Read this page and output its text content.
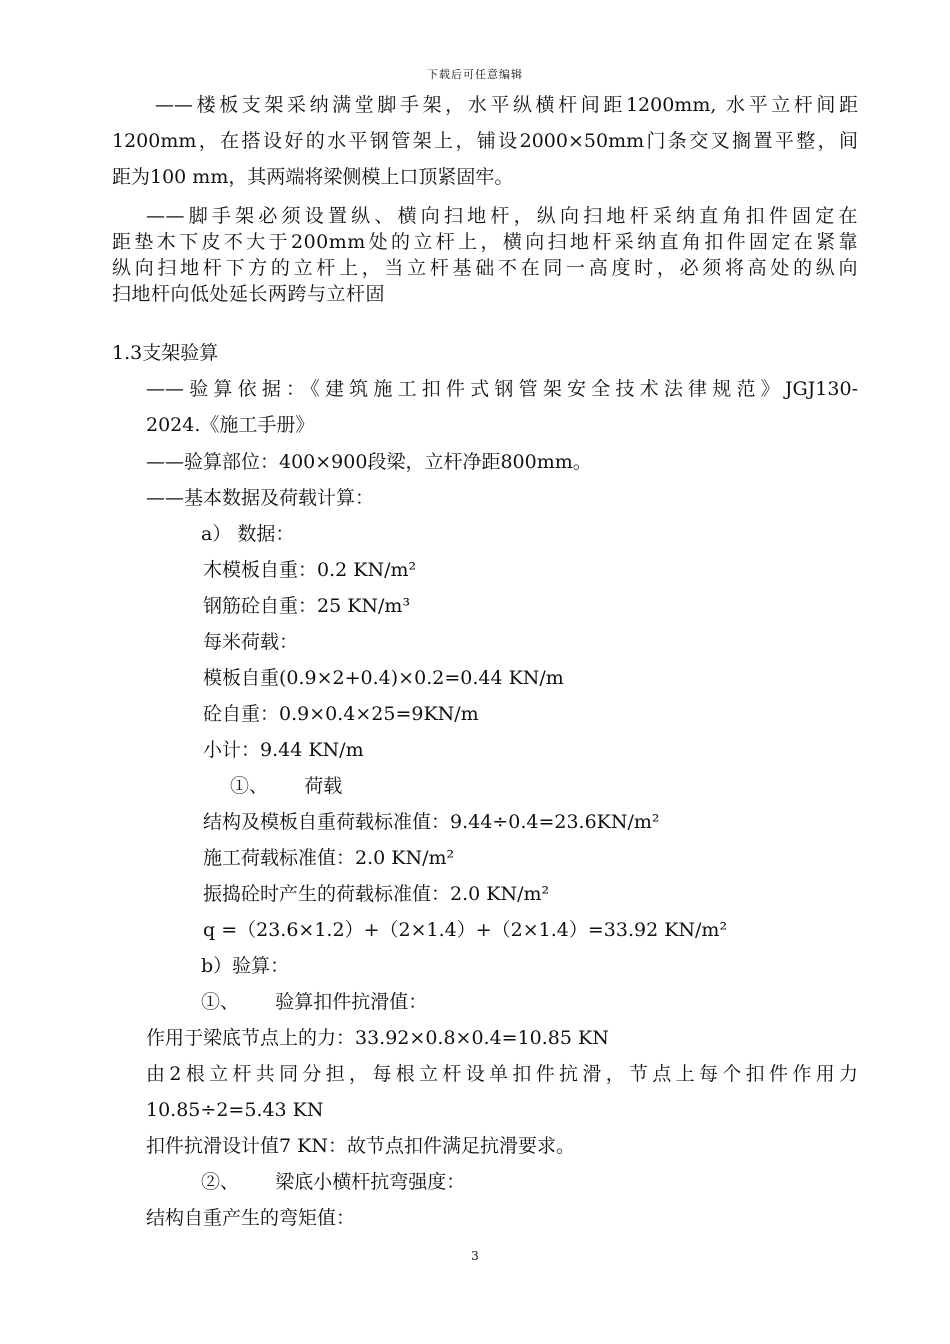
下载后可任意编辑
——楼板支架采纳满堂脚手架，水平纵横杆间距1200mm, 水平立杆间距
1200mm，在搭设好的水平钢管架上，铺设2000×50mm门条交叉搁置平整，间
距为100 mm，其两端将梁侧模上口顶紧固牢。
——脚手架必须设置纵、横向扫地杆，纵向扫地杆采纳直角扣件固定在
距垫木下皮不大于200mm处的立杆上，横向扫地杆采纳直角扣件固定在紧靠
纵向扫地杆下方的立杆上，当立杆基础不在同一高度时，必须将高处的纵向
扫地杆向低处延长两跨与立杆固
1.3支架验算
——验算依据：《建筑施工扣件式钢管架安全技术法律规范》JGJ130-
2024.《施工手册》
——验算部位：400×900段梁，立杆净距800mm。
——基本数据及荷载计算：
a） 数据：
木模板自重：0.2 KN/m²
钢筋砼自重：25 KN/m³
每米荷载：
模板自重(0.9×2+0.4)×0.2=0.44 KN/m
砼自重：0.9×0.4×25=9KN/m
小计：9.44 KN/m
①、      荷载
结构及模板自重荷载标准值：9.44÷0.4=23.6KN/m²
施工荷载标准值：2.0 KN/m²
振捣砼时产生的荷载标准值：2.0 KN/m²
q =（23.6×1.2）+（2×1.4）+（2×1.4）=33.92 KN/m²
b）验算：
①、      验算扣件抗滑值：
作用于梁底节点上的力：33.92×0.8×0.4=10.85 KN
由2根立杆共同分担，每根立杆设单扣件抗滑，节点上每个扣件作用力
10.85÷2=5.43 KN
扣件抗滑设计值7 KN：故节点扣件满足抗滑要求。
②、      梁底小横杆抗弯强度：
结构自重产生的弯矩值：
3
